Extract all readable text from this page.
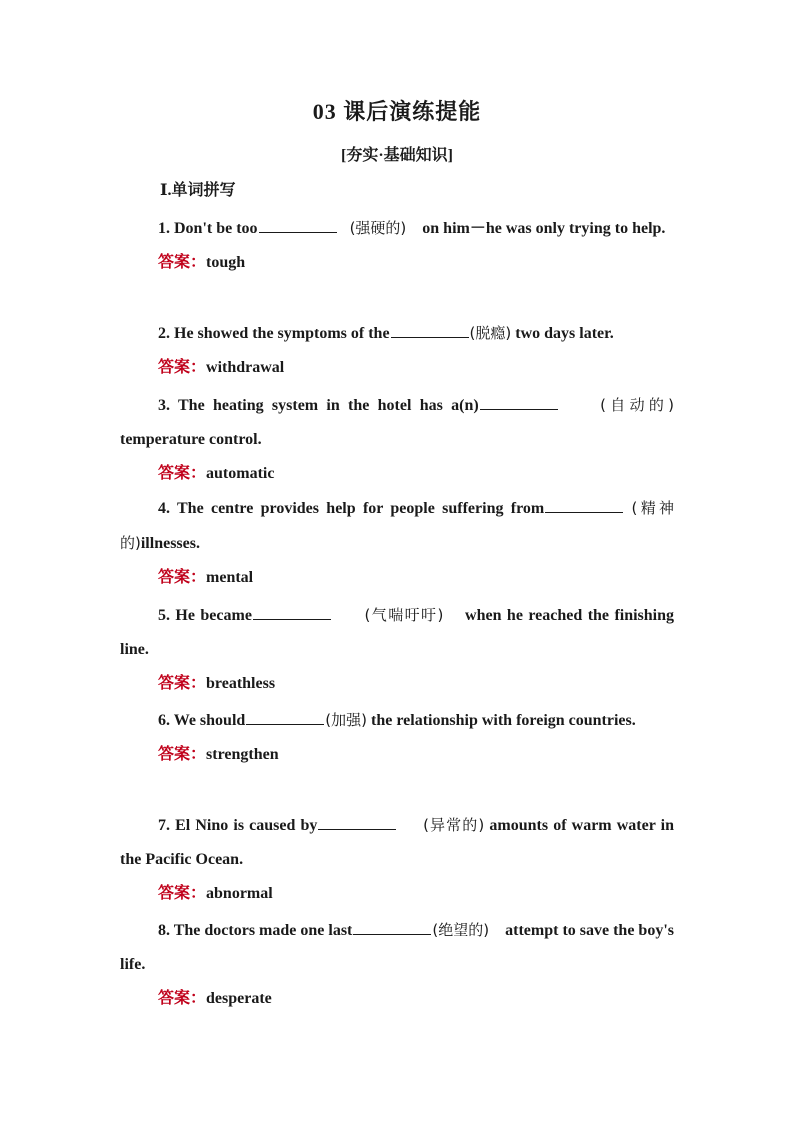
03 课后演练提能
[夯实·基础知识]
Ⅰ.单词拼写

1. Don't be too	(强硬的) on him－he was only trying to help.

答案：tough

2. He showed the symptoms of the	(脱瘾) two days later.

答案：withdrawal

3. The heating system in the hotel has a(n)	(自动的) temperature control.

答案：automatic

4. The centre provides help for people suffering from	(精神的)illnesses.

答案：mental

5. He became	(气喘吁吁) when he reached the finishing line.

答案：breathless

6. We should	(加强) the relationship with foreign countries.

答案：strengthen

7. El Nino is caused by	(异常的) amounts of warm water in the Pacific Ocean.

答案：abnormal

8. The doctors made one last	(绝望的) attempt to save the boy's life.

答案：desperate
